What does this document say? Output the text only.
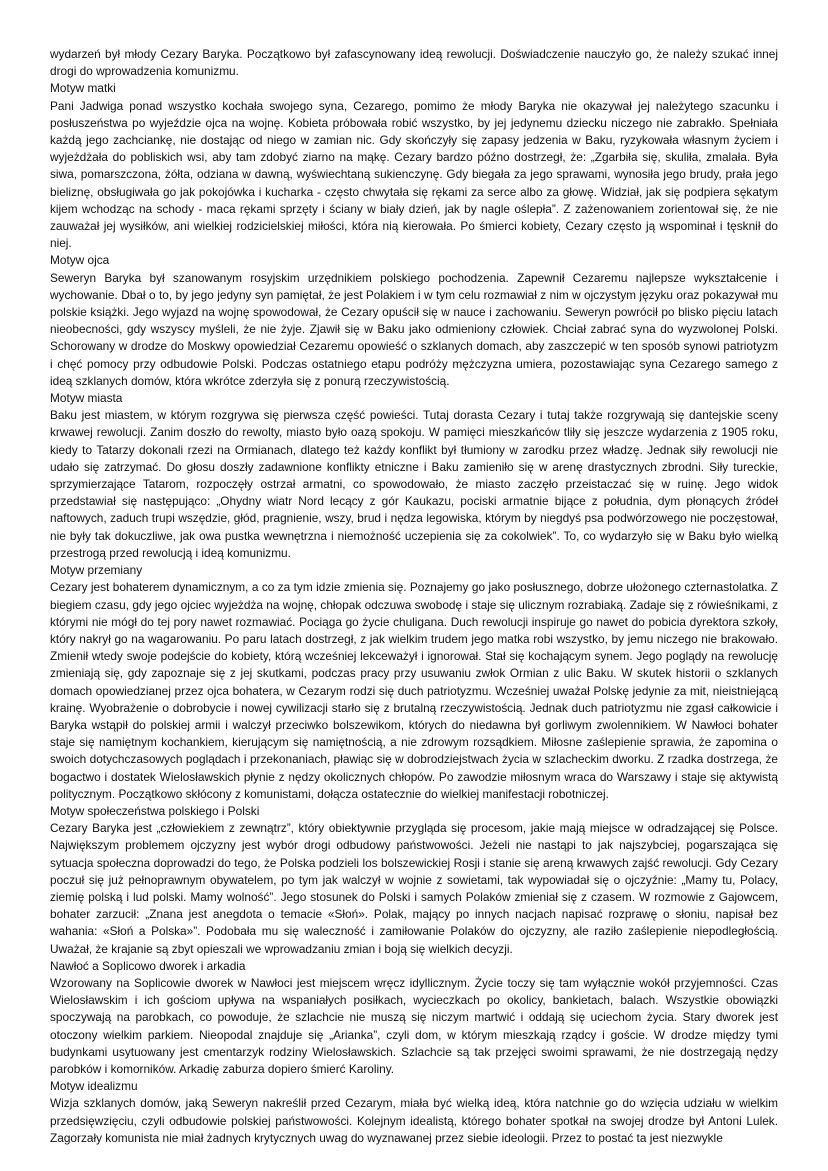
wydarzeń był młody Cezary Baryka. Początkowo był zafascynowany ideą rewolucji. Doświadczenie nauczyło go, że należy szukać innej drogi do wprowadzenia komunizmu.
Motyw matki
Pani Jadwiga ponad wszystko kochała swojego syna, Cezarego, pomimo że młody Baryka nie okazywał jej należytego szacunku i posłuszeństwa po wyjeździe ojca na wojnę. Kobieta próbowała robić wszystko, by jej jedynemu dziecku niczego nie zabrakło. Spełniała każdą jego zachciankę, nie dostając od niego w zamian nic. Gdy skończyły się zapasy jedzenia w Baku, ryzykowała własnym życiem i wyjeżdżała do pobliskich wsi, aby tam zdobyć ziarno na mąkę. Cezary bardzo późno dostrzegł, że: „Zgarbiła się, skuliła, zmalała. Była siwa, pomarszczona, żółta, odziana w dawną, wyświechtaną sukienczynę. Gdy biegała za jego sprawami, wynosiła jego brudy, prała jego bieliznę, obsługiwała go jak pokojówka i kucharka - często chwytała się rękami za serce albo za głowę. Widział, jak się podpiera sękatym kijem wchodząc na schody - maca rękami sprzęty i ściany w biały dzień, jak by nagle oślepła”. Z zażenowaniem zorientował się, że nie zauważał jej wysiłków, ani wielkiej rodzicielskiej miłości, która nią kierowała. Po śmierci kobiety, Cezary często ją wspominał i tęsknił do niej.
Motyw ojca
Seweryn Baryka był szanowanym rosyjskim urzędnikiem polskiego pochodzenia. Zapewnił Cezaremu najlepsze wykształcenie i wychowanie. Dbał o to, by jego jedyny syn pamiętał, że jest Polakiem i w tym celu rozmawiał z nim w ojczystym języku oraz pokazywał mu polskie książki. Jego wyjazd na wojnę spowodował, że Cezary opuścił się w nauce i zachowaniu. Seweryn powrócił po blisko pięciu latach nieobecności, gdy wszyscy myśleli, że nie żyje. Zjawił się w Baku jako odmieniony człowiek. Chciał zabrać syna do wyzwolonej Polski. Schorowany w drodze do Moskwy opowiedział Cezaremu opowieść o szklanych domach, aby zaszczepić w ten sposób synowi patriotyzm i chęć pomocy przy odbudowie Polski. Podczas ostatniego etapu podróży mężczyzna umiera, pozostawiając syna Cezarego samego z ideą szklanych domów, która wkrótce zderzyła się z ponurą rzeczywistością.
Motyw miasta
Baku jest miastem, w którym rozgrywa się pierwsza część powieści. Tutaj dorasta Cezary i tutaj także rozgrywają się dantejskie sceny krwawej rewolucji. Zanim doszło do rewolty, miasto było oazą spokoju. W pamięci mieszkańców tliły się jeszcze wydarzenia z 1905 roku, kiedy to Tatarzy dokonali rzezi na Ormianach, dlatego też każdy konflikt był tłumiony w zarodku przez władzę. Jednak siły rewolucji nie udało się zatrzymać. Do głosu doszły zadawnione konflikty etniczne i Baku zamieniło się w arenę drastycznych zbrodni. Siły tureckie, sprzymierzające Tatarom, rozpoczęły ostrzał armatni, co spowodowało, że miasto zaczęło przeistaczać się w ruinę. Jego widok przedstawiał się następująco: „Ohydny wiatr Nord lecący z gór Kaukazu, pociski armatnie bijące z południa, dym płonących źródeł naftowych, zaduch trupi wszędzie, głód, pragnienie, wszy, brud i nędza legowiska, którym by niegdyś psa podwórzowego nie poczęstował, nie były tak dokuczliwe, jak owa pustka wewnętrzna i niemożność uczepienia się za cokolwiek”. To, co wydarzyło się w Baku było wielką przestrogą przed rewolucją i ideą komunizmu.
Motyw przemiany
Cezary jest bohaterem dynamicznym, a co za tym idzie zmienia się. Poznajemy go jako posłusznego, dobrze ułożonego czternastolatka. Z biegiem czasu, gdy jego ojciec wyjeżdża na wojnę, chłopak odczuwa swobodę i staje się ulicznym rozrabiaką. Zadaje się z rówieśnikami, z którymi nie mógł do tej pory nawet rozmawiać. Pociąga go życie chuligana. Duch rewolucji inspiruje go nawet do pobicia dyrektora szkoły, który nakrył go na wagarowaniu. Po paru latach dostrzegł, z jak wielkim trudem jego matka robi wszystko, by jemu niczego nie brakowało. Zmienił wtedy swoje podejście do kobiety, którą wcześniej lekceważył i ignorował. Stał się kochającym synem. Jego poglądy na rewolucję zmieniają się, gdy zapoznaje się z jej skutkami, podczas pracy przy usuwaniu zwłok Ormian z ulic Baku. W skutek historii o szklanych domach opowiedzianej przez ojca bohatera, w Cezarym rodzi się duch patriotyzmu. Wcześniej uważał Polskę jedynie za mit, nieistniejącą krainę. Wyobrażenie o dobrobycie i nowej cywilizacji starło się z brutalną rzeczywistością. Jednak duch patriotyzmu nie zgasł całkowicie i Baryka wstąpił do polskiej armii i walczył przeciwko bolszewikom, których do niedawna był gorliwym zwolennikiem. W Nawłoci bohater staje się namiętnym kochankiem, kierującym się namiętnością, a nie zdrowym rozsądkiem. Miłosne zaślepienie sprawia, że zapomina o swoich dotychczasowych poglądach i przekonaniach, pławiąc się w dobrodziejstwach życia w szlacheckim dworku. Z rzadka dostrzega, że bogactwo i dostatek Wielosławskich płynie z nędzy okolicznych chłopów. Po zawodzie miłosnym wraca do Warszawy i staje się aktywistą politycznym. Początkowo skłócony z komunistami, dołącza ostatecznie do wielkiej manifestacji robotniczej.
Motyw społeczeństwa polskiego i Polski
Cezary Baryka jest „człowiekiem z zewnątrz”, który obiektywnie przygląda się procesom, jakie mają miejsce w odradzającej się Polsce. Największym problemem ojczyzny jest wybór drogi odbudowy państwowości. Jeżeli nie nastąpi to jak najszybciej, pogarszająca się sytuacja społeczna doprowadzi do tego, że Polska podzieli los bolszewickiej Rosji i stanie się areną krwawych zajść rewolucji. Gdy Cezary poczuł się już pełnoprawnym obywatelem, po tym jak walczył w wojnie z sowietami, tak wypowiadał się o ojczyźnie: „Mamy tu, Polacy, ziemię polską i lud polski. Mamy wolność”. Jego stosunek do Polski i samych Polaków zmieniał się z czasem. W rozmowie z Gajowcem, bohater zarzucił: „Znana jest anegdota o temacie «Słoń». Polak, mający po innych nacjach napisać rozprawę o słoniu, napisał bez wahania: «Słoń a Polska»”. Podobała mu się waleczność i zamiłowanie Polaków do ojczyzny, ale raziło zaślepienie niepodległością. Uważał, że krajanie są zbyt opieszali we wprowadzaniu zmian i boją się wielkich decyzji.
Nawłoć a Soplicowo dworek i arkadia
Wzorowany na Soplicowie dworek w Nawłoci jest miejscem wręcz idyllicznym. Życie toczy się tam wyłącznie wokół przyjemności. Czas Wielosławskim i ich gościom upływa na wspaniałych posiłkach, wycieczkach po okolicy, bankietach, balach. Wszystkie obowiązki spoczywają na parobkach, co powoduje, że szlachcie nie muszą się niczym martwić i oddają się uciechom życia. Stary dworek jest otoczony wielkim parkiem. Nieopodal znajduje się „Arianka”, czyli dom, w którym mieszkają rządcy i goście. W drodze między tymi budynkami usytuowany jest cmentarzyk rodziny Wielosławskich. Szlachcie są tak przejęci swoimi sprawami, że nie dostrzegają nędzy parobków i komorników. Arkadię zaburza dopiero śmierć Karoliny.
Motyw idealizmu
Wizja szklanych domów, jaką Seweryn nakreślił przed Cezarym, miała być wielką ideą, która natchnie go do wzięcia udziału w wielkim przedsięwzięciu, czyli odbudowie polskiej państwowości. Kolejnym idealistą, którego bohater spotkał na swojej drodze był Antoni Lulek. Zagorzały komunista nie miał żadnych krytycznych uwag do wyznawanej przez siebie ideologii. Przez to postać ta jest niezwykle
